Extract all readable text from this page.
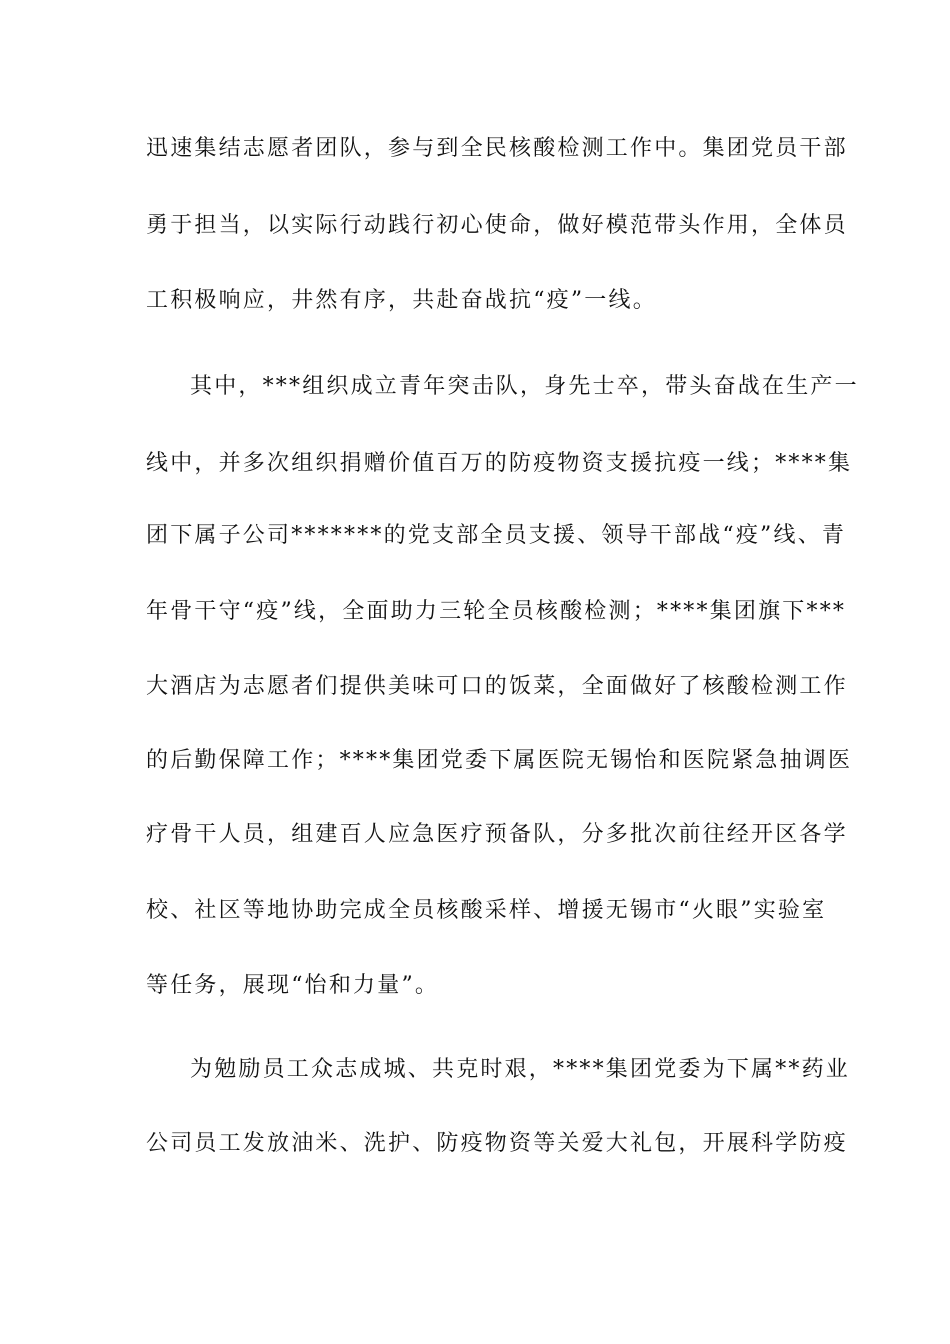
迅速集结志愿者团队，参与到全民核酸检测工作中。集团党员干部
勇于担当，以实际行动践行初心使命，做好模范带头作用，全体员
工积极响应，井然有序，共赴奋战抗“疫”一线。
其中，***组织成立青年突击队，身先士卒，带头奋战在生产一
线中，并多次组织捐赠价值百万的防疫物资支援抗疫一线；****集
团下属子公司*******的党支部全员支援、领导干部战“疫”线、青
年骨干守“疫”线，全面助力三轮全员核酸检测；****集团旗下***
大酒店为志愿者们提供美味可口的饭菜，全面做好了核酸检测工作
的后勤保障工作；****集团党委下属医院无锡怡和医院紧急抽调医
疗骨干人员，组建百人应急医疗预备队，分多批次前往经开区各学
校、社区等地协助完成全员核酸采样、增援无锡市“火眼”实验室
等任务，展现“怡和力量”。
为勉励员工众志成城、共克时艰，****集团党委为下属**药业
公司员工发放油米、洗护、防疫物资等关爱大礼包，开展科学防疫
